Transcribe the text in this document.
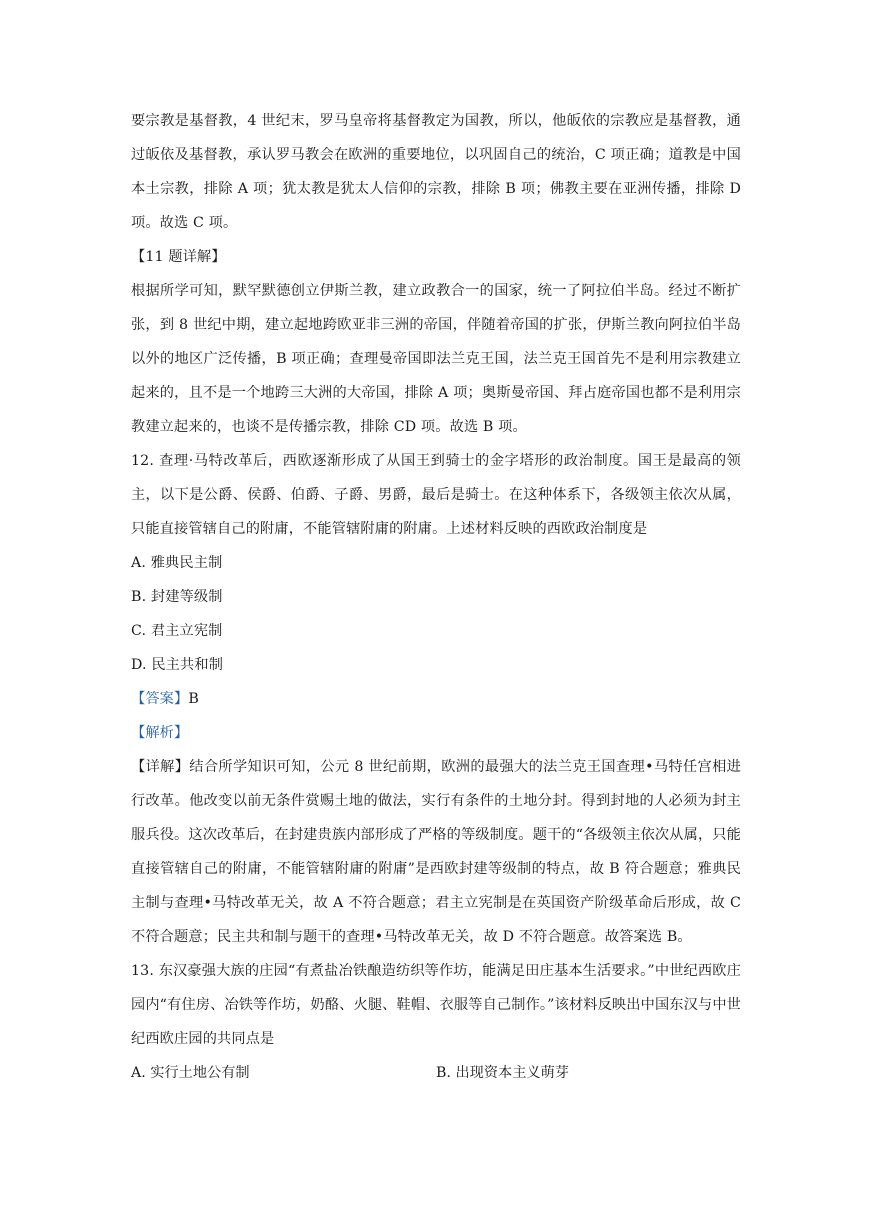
要宗教是基督教，4 世纪末，罗马皇帝将基督教定为国教，所以，他皈依的宗教应是基督教，通过皈依及基督教，承认罗马教会在欧洲的重要地位，以巩固自己的统治，C 项正确；道教是中国本土宗教，排除 A 项；犹太教是犹太人信仰的宗教，排除 B 项；佛教主要在亚洲传播，排除 D 项。故选 C 项。

【11 题详解】

根据所学可知，默罕默德创立伊斯兰教，建立政教合一的国家，统一了阿拉伯半岛。经过不断扩张，到 8 世纪中期，建立起地跨欧亚非三洲的帝国，伴随着帝国的扩张，伊斯兰教向阿拉伯半岛以外的地区广泛传播，B 项正确；查理曼帝国即法兰克王国，法兰克王国首先不是利用宗教建立起来的，且不是一个地跨三大洲的大帝国，排除 A 项；奥斯曼帝国、拜占庭帝国也都不是利用宗教建立起来的，也谈不是传播宗教，排除 CD 项。故选 B 项。

12. 查理·马特改革后，西欧逐渐形成了从国王到骑士的金字塔形的政治制度。国王是最高的领主，以下是公爵、侯爵、伯爵、子爵、男爵，最后是骑士。在这种体系下，各级领主依次从属，只能直接管辖自己的附庸，不能管辖附庸的附庸。上述材料反映的西欧政治制度是

A. 雅典民主制

B. 封建等级制

C. 君主立宪制

D. 民主共和制

【答案】B

【解析】

【详解】结合所学知识可知，公元 8 世纪前期，欧洲的最强大的法兰克王国查理•马特任宫相进行改革。他改变以前无条件赏赐土地的做法，实行有条件的土地分封。得到封地的人必须为封主服兵役。这次改革后，在封建贵族内部形成了严格的等级制度。题干的“各级领主依次从属，只能直接管辖自己的附庸，不能管辖附庸的附庸”是西欧封建等级制的特点，故 B 符合题意；雅典民主制与查理•马特改革无关，故 A 不符合题意；君主立宪制是在英国资产阶级革命后形成，故 C 不符合题意；民主共和制与题干的查理•马特改革无关，故 D 不符合题意。故答案选 B。

13. 东汉豪强大族的庄园“有煮盐冶铁酿造纺织等作坊，能满足田庄基本生活要求。”中世纪西欧庄园内“有住房、冶铁等作坊，奶酪、火腿、鞋帽、衣服等自己制作。”该材料反映出中国东汉与中世纪西欧庄园的共同点是

A. 实行土地公有制	B. 出现资本主义萌芽
